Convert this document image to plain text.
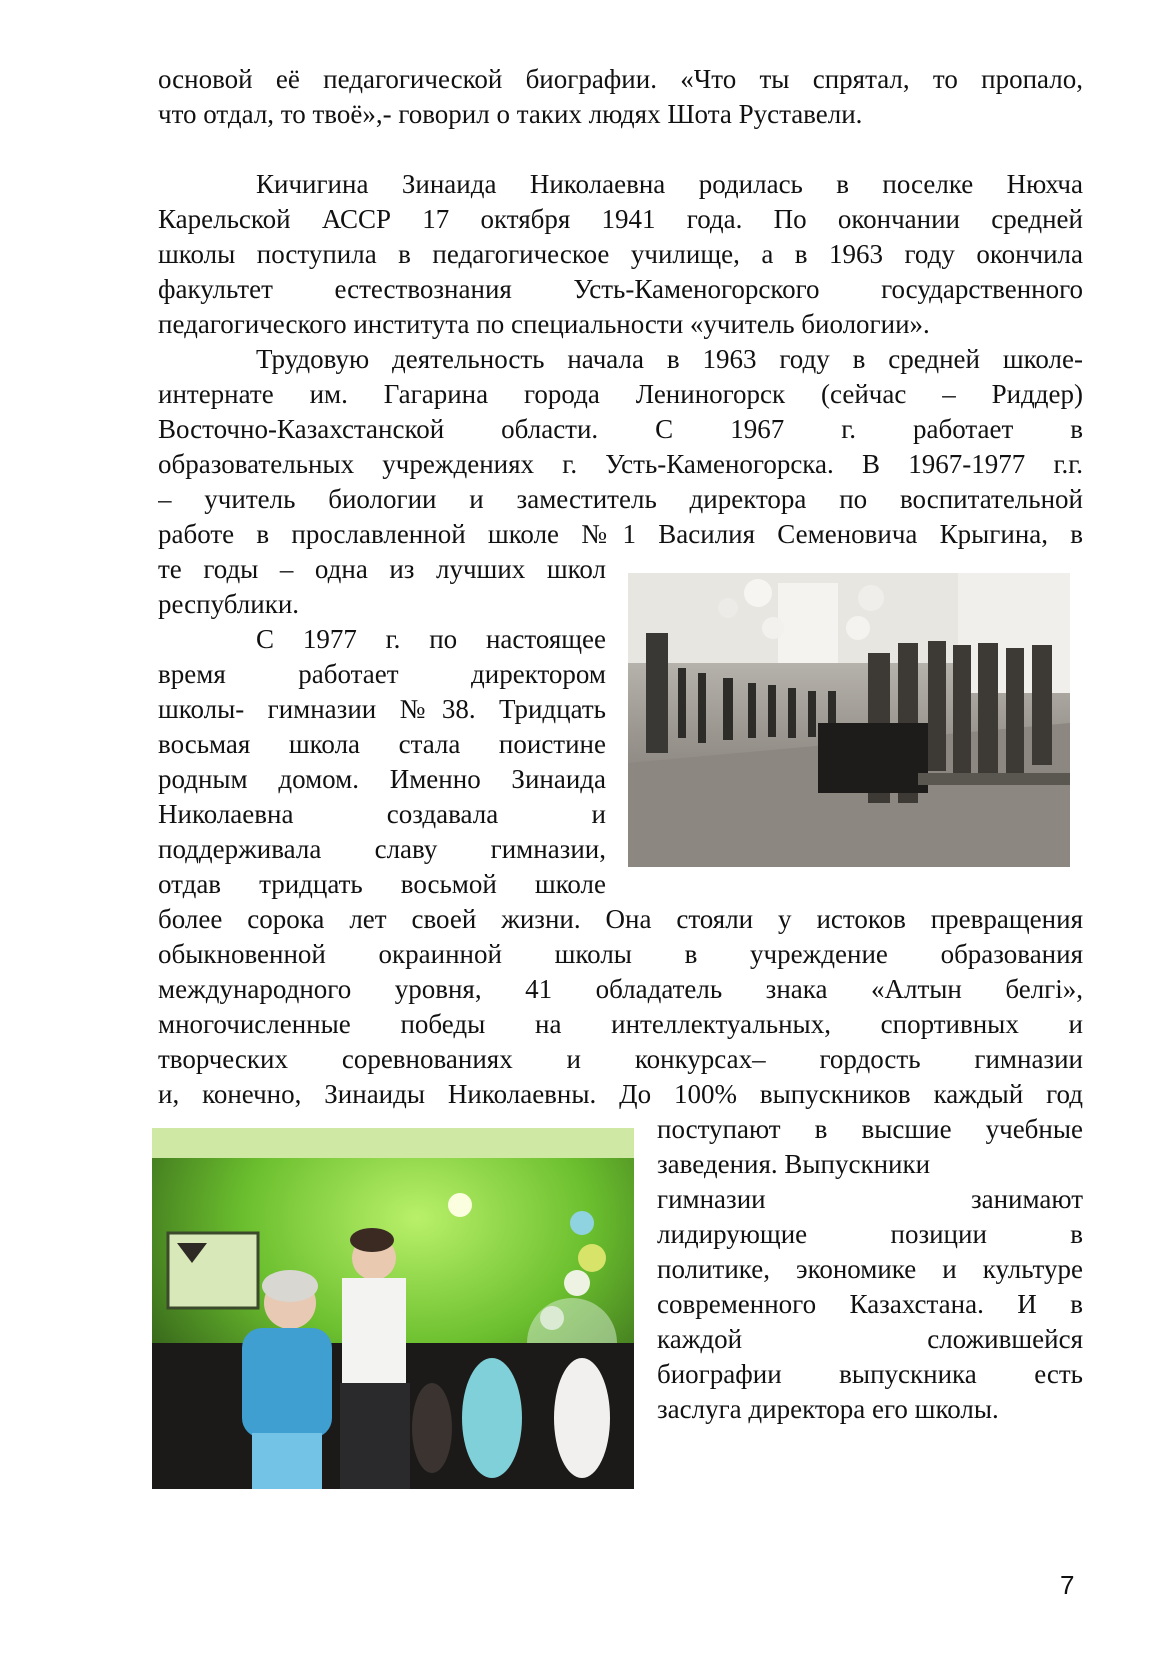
основой её педагогической биографии. «Что ты спрятал, то пропало,
что отдал, то твоё»,- говорил о таких людях Шота Руставели.
Кичигина Зинаида Николаевна родилась в поселке Нюхча
Карельской АССР 17 октября 1941 года. По окончании средней
школы поступила в педагогическое училище, а в 1963 году окончила
факультет естествознания Усть-Каменогорского государственного
педагогического института по специальности «учитель биологии».
Трудовую деятельность начала в 1963 году в средней школе-
интернате им. Гагарина города Лениногорск (сейчас – Риддер)
Восточно-Казахстанской области. С 1967 г. работает в
образовательных учреждениях г. Усть-Каменогорска. В 1967-1977 г.г.
– учитель биологии и заместитель директора по воспитательной
работе в прославленной школе №1 Василия Семеновича Крыгина, в
те годы – одна из лучших школ
республики.
С 1977 г. по настоящее
время работает директором
школы- гимназии №38. Тридцать
восьмая школа стала поистине
родным домом. Именно Зинаида
Николаевна создавала и
поддерживала славу гимназии,
отдав тридцать восьмой школе
более сорока лет своей жизни. Она стояли у истоков превращения
обыкновенной окраинной школы в учреждение образования
международного уровня, 41 обладатель знака «Алтын белгі»,
многочисленные победы на интеллектуальных, спортивных и
творческих соревнованиях и конкурсах– гордость гимназии
и, конечно, Зинаиды Николаевны. До 100% выпускников каждый год
поступают в высшие учебные
заведения. Выпускники
гимназии занимают
лидирующие позиции в
политике, экономике и культуре
современного Казахстана. И в
каждой сложившейся
биографии выпускника есть
заслуга директора его школы.
7
